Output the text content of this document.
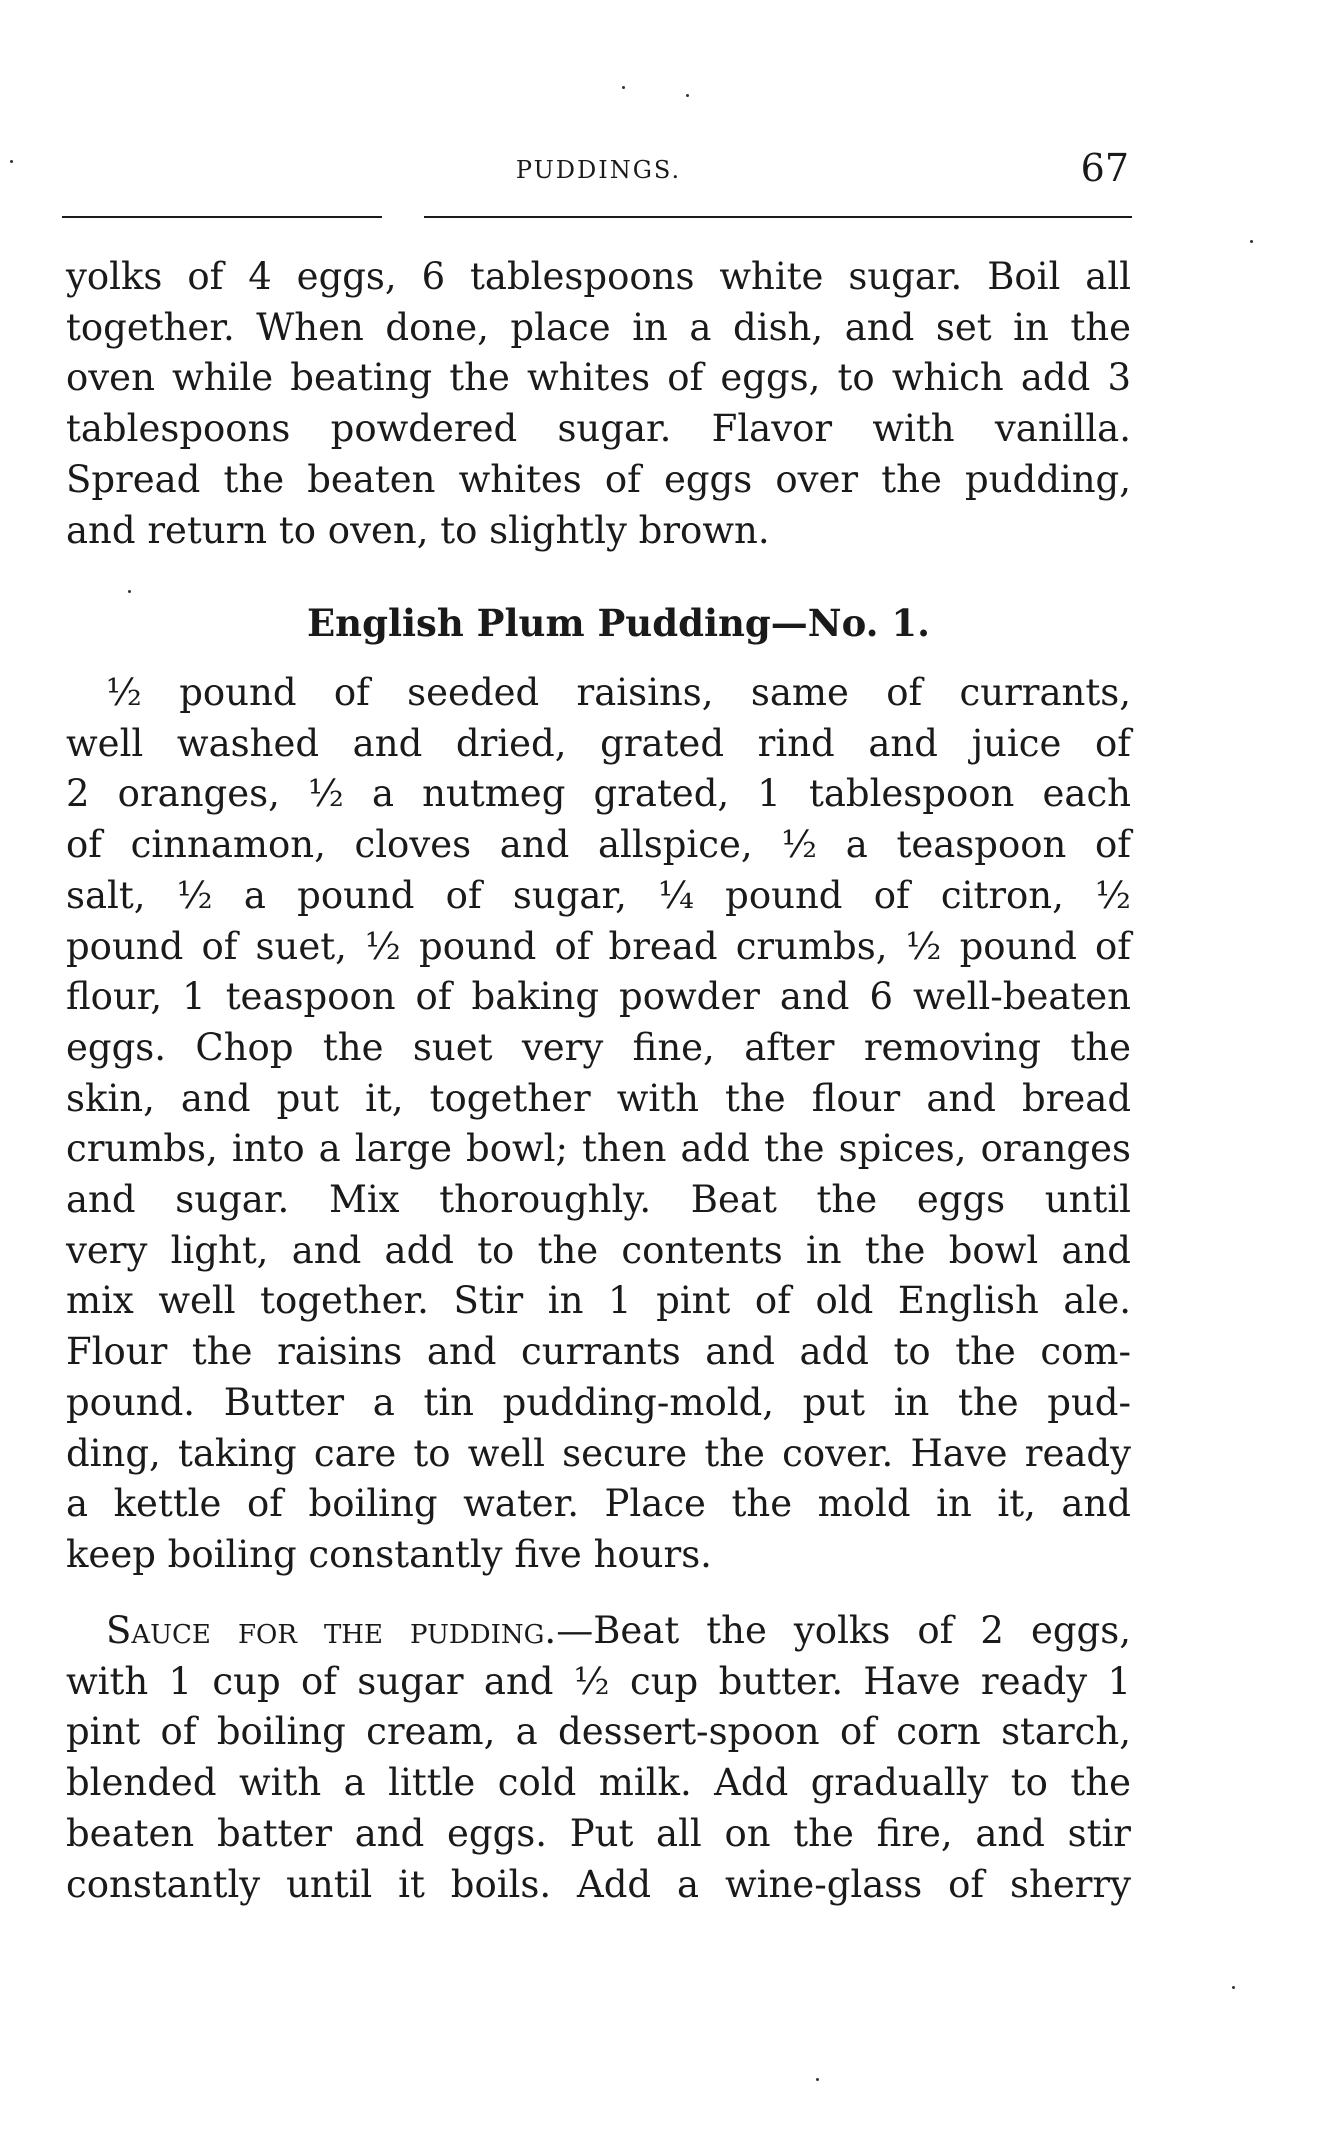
PUDDINGS.	67
yolks of 4 eggs, 6 tablespoons white sugar. Boil all
together. When done, place in a dish, and set in the
oven while beating the whites of eggs, to which add 3
tablespoons powdered sugar. Flavor with vanilla.
Spread the beaten whites of eggs over the pudding,
and return to oven, to slightly brown.
English Plum Pudding—No. 1.
½ pound of seeded raisins, same of currants,
well washed and dried, grated rind and juice of
2 oranges, ½ a nutmeg grated, 1 tablespoon each
of cinnamon, cloves and allspice, ½ a teaspoon of
salt, ½ a pound of sugar, ¼ pound of citron, ½
pound of suet, ½ pound of bread crumbs, ½ pound of
flour, 1 teaspoon of baking powder and 6 well-beaten
eggs. Chop the suet very fine, after removing the
skin, and put it, together with the flour and bread
crumbs, into a large bowl; then add the spices, oranges
and sugar. Mix thoroughly. Beat the eggs until
very light, and add to the contents in the bowl and
mix well together. Stir in 1 pint of old English ale.
Flour the raisins and currants and add to the com-
pound. Butter a tin pudding-mold, put in the pud-
ding, taking care to well secure the cover. Have ready
a kettle of boiling water. Place the mold in it, and
keep boiling constantly five hours.
Sauce for the pudding.—Beat the yolks of 2 eggs,
with 1 cup of sugar and ½ cup butter. Have ready 1
pint of boiling cream, a dessert-spoon of corn starch,
blended with a little cold milk. Add gradually to the
beaten batter and eggs. Put all on the fire, and stir
constantly until it boils. Add a wine-glass of sherry
